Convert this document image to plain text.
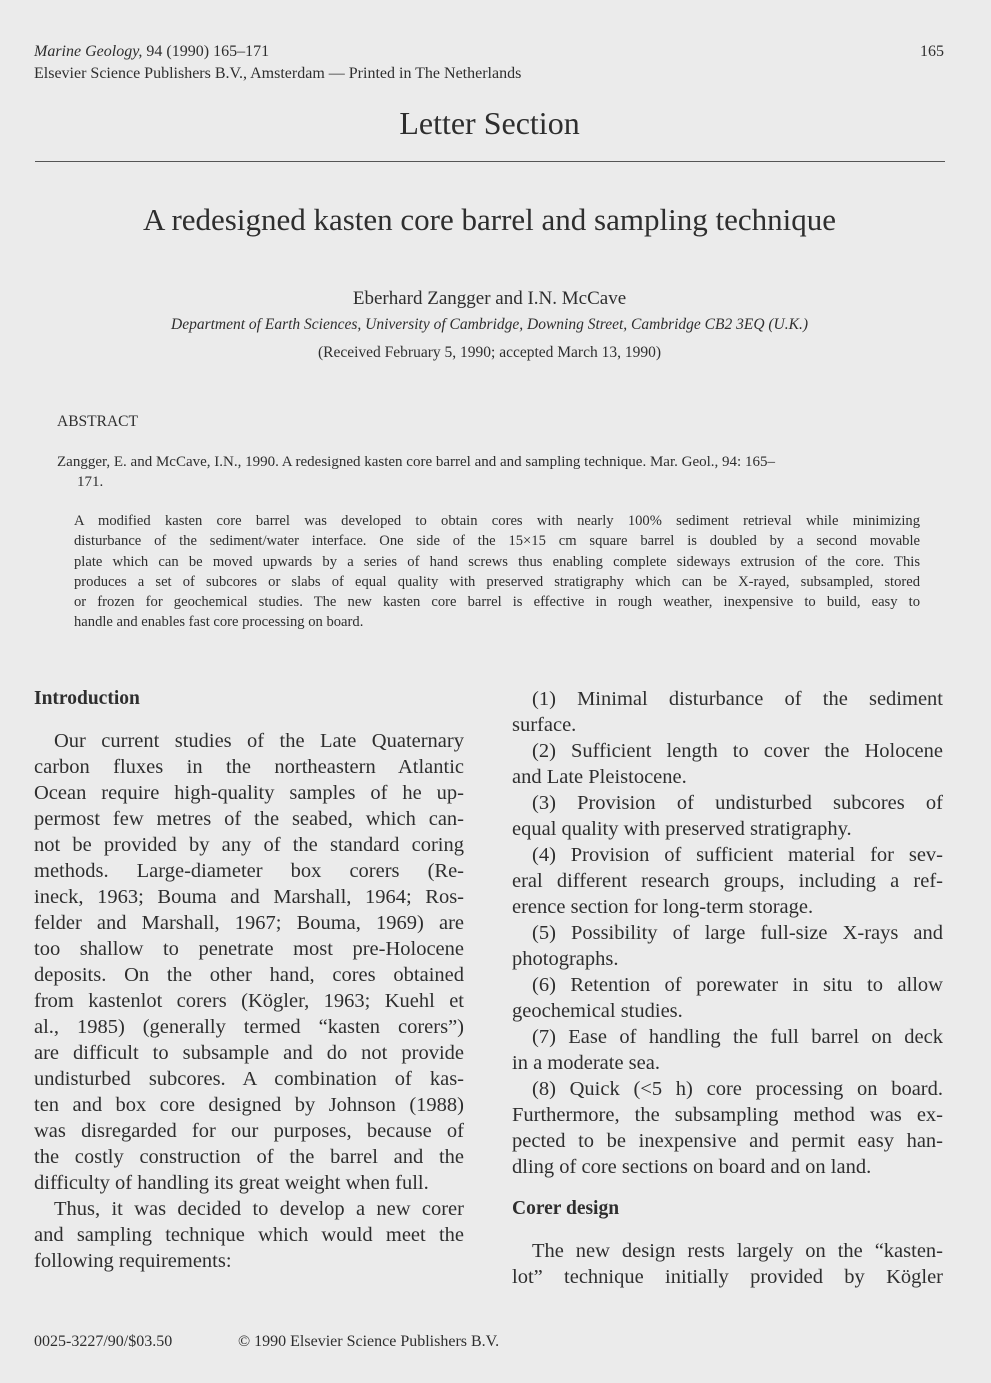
Marine Geology, 94 (1990) 165–171
Elsevier Science Publishers B.V., Amsterdam — Printed in The Netherlands
165
Letter Section
A redesigned kasten core barrel and sampling technique
Eberhard Zangger and I.N. McCave
Department of Earth Sciences, University of Cambridge, Downing Street, Cambridge CB2 3EQ (U.K.)
(Received February 5, 1990; accepted March 13, 1990)
ABSTRACT
Zangger, E. and McCave, I.N., 1990. A redesigned kasten core barrel and and sampling technique. Mar. Geol., 94: 165–
171.
A modified kasten core barrel was developed to obtain cores with nearly 100% sediment retrieval while minimizing
disturbance of the sediment/water interface. One side of the 15×15 cm square barrel is doubled by a second movable
plate which can be moved upwards by a series of hand screws thus enabling complete sideways extrusion of the core. This
produces a set of subcores or slabs of equal quality with preserved stratigraphy which can be X-rayed, subsampled, stored
or frozen for geochemical studies. The new kasten core barrel is effective in rough weather, inexpensive to build, easy to
handle and enables fast core processing on board.
Introduction
Our current studies of the Late Quaternary
carbon fluxes in the northeastern Atlantic
Ocean require high-quality samples of he up-
permost few metres of the seabed, which can-
not be provided by any of the standard coring
methods. Large-diameter box corers (Re-
ineck, 1963; Bouma and Marshall, 1964; Ros-
felder and Marshall, 1967; Bouma, 1969) are
too shallow to penetrate most pre-Holocene
deposits. On the other hand, cores obtained
from kastenlot corers (Kögler, 1963; Kuehl et
al., 1985) (generally termed “kasten corers”)
are difficult to subsample and do not provide
undisturbed subcores. A combination of kas-
ten and box core designed by Johnson (1988)
was disregarded for our purposes, because of
the costly construction of the barrel and the
difficulty of handling its great weight when full.
Thus, it was decided to develop a new corer
and sampling technique which would meet the
following requirements:
(1) Minimal disturbance of the sediment
surface.
(2) Sufficient length to cover the Holocene
and Late Pleistocene.
(3) Provision of undisturbed subcores of
equal quality with preserved stratigraphy.
(4) Provision of sufficient material for sev-
eral different research groups, including a ref-
erence section for long-term storage.
(5) Possibility of large full-size X-rays and
photographs.
(6) Retention of porewater in situ to allow
geochemical studies.
(7) Ease of handling the full barrel on deck
in a moderate sea.
(8) Quick (<5 h) core processing on board.
Furthermore, the subsampling method was ex-
pected to be inexpensive and permit easy han-
dling of core sections on board and on land.
Corer design
The new design rests largely on the “kasten-
lot” technique initially provided by Kögler
0025-3227/90/$03.50	© 1990 Elsevier Science Publishers B.V.
